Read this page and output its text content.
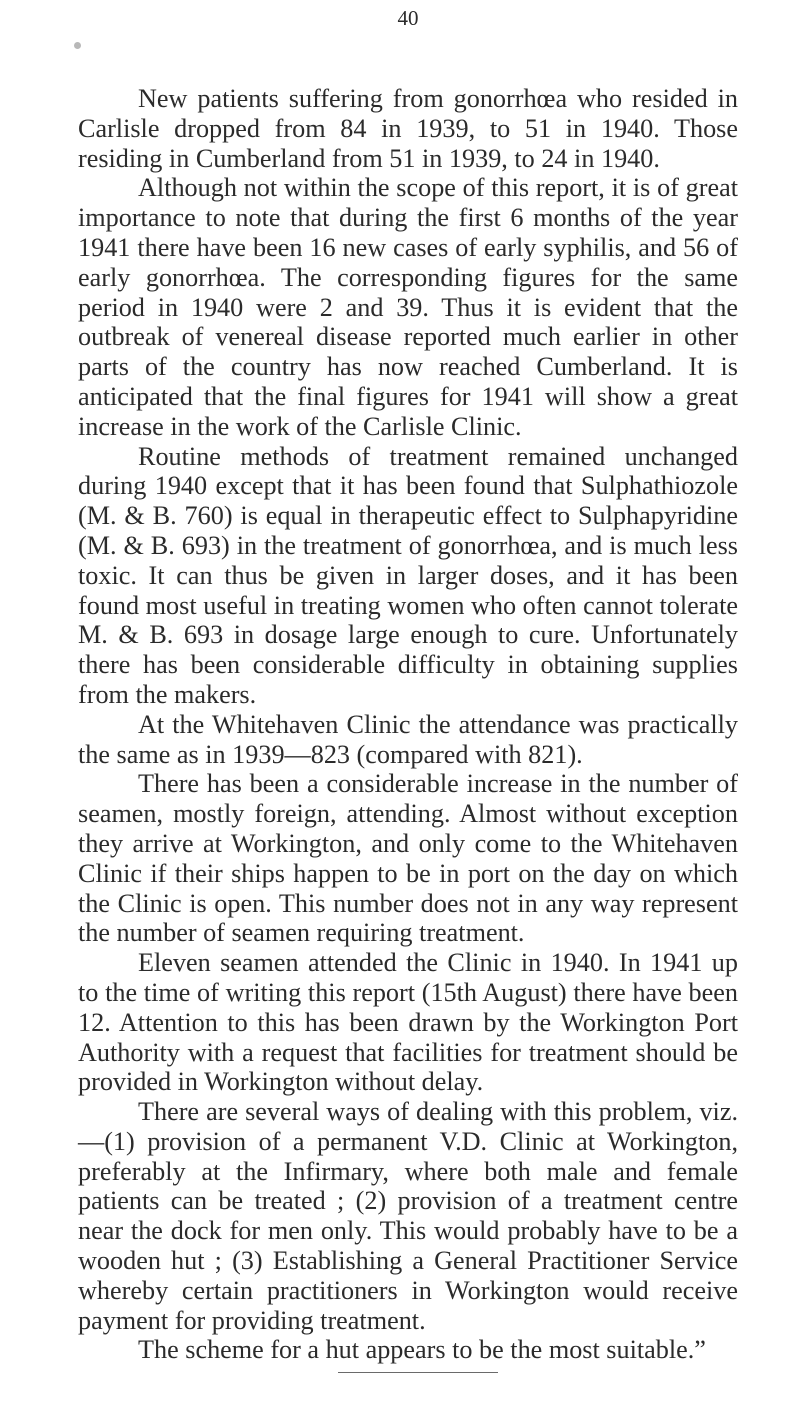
40

New patients suffering from gonorrhœa who resided in Carlisle dropped from 84 in 1939, to 51 in 1940. Those residing in Cumberland from 51 in 1939, to 24 in 1940.

Although not within the scope of this report, it is of great importance to note that during the first 6 months of the year 1941 there have been 16 new cases of early syphilis, and 56 of early gonorrhœa. The corresponding figures for the same period in 1940 were 2 and 39. Thus it is evident that the outbreak of venereal disease reported much earlier in other parts of the country has now reached Cumberland. It is anticipated that the final figures for 1941 will show a great increase in the work of the Carlisle Clinic.

Routine methods of treatment remained unchanged during 1940 except that it has been found that Sulphathiozole (M. & B. 760) is equal in therapeutic effect to Sulphapyridine (M. & B. 693) in the treatment of gonorrhœa, and is much less toxic. It can thus be given in larger doses, and it has been found most useful in treating women who often cannot tolerate M. & B. 693 in dosage large enough to cure. Unfortunately there has been considerable difficulty in obtaining supplies from the makers.

At the Whitehaven Clinic the attendance was practically the same as in 1939—823 (compared with 821).

There has been a considerable increase in the number of seamen, mostly foreign, attending. Almost without exception they arrive at Workington, and only come to the Whitehaven Clinic if their ships happen to be in port on the day on which the Clinic is open. This number does not in any way represent the number of seamen requiring treatment.

Eleven seamen attended the Clinic in 1940. In 1941 up to the time of writing this report (15th August) there have been 12. Attention to this has been drawn by the Workington Port Authority with a request that facilities for treatment should be provided in Workington without delay.

There are several ways of dealing with this problem, viz.—(1) provision of a permanent V.D. Clinic at Workington, preferably at the Infirmary, where both male and female patients can be treated ; (2) provision of a treatment centre near the dock for men only. This would probably have to be a wooden hut ; (3) Establishing a General Practitioner Service whereby certain practitioners in Workington would receive payment for providing treatment.

The scheme for a hut appears to be the most suitable.”
